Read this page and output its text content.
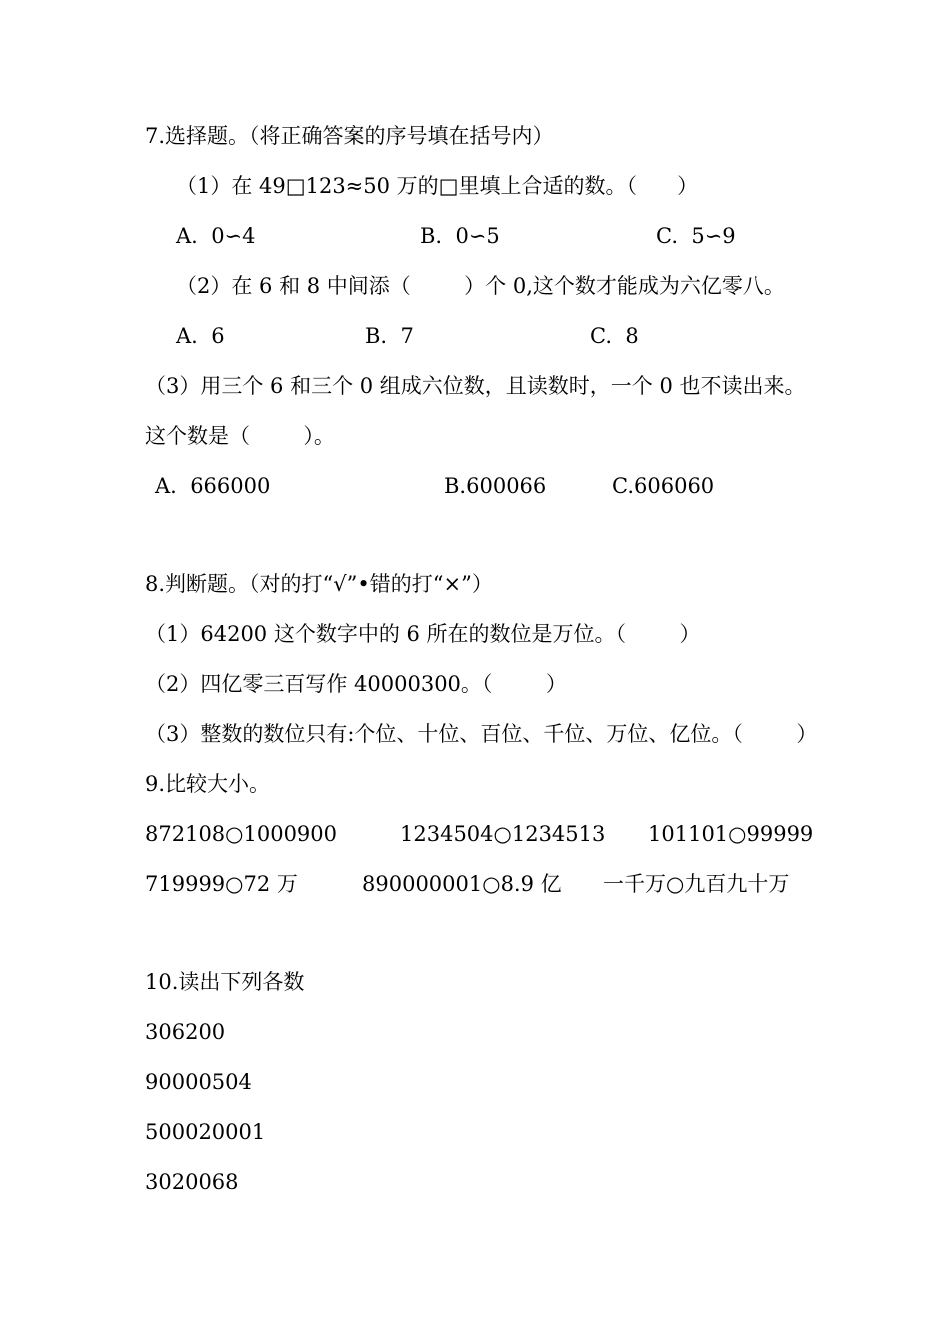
7.选择题。（将正确答案的序号填在括号内）
（1）在 49□123≈50 万的□里填上合适的数。（      ）
A.  0∽4	B.  0∽5	C.  5∽9
（2）在 6 和 8 中间添（        ）个 0,这个数才能成为六亿零八。
A.  6	B.  7	C.  8
（3）用三个 6 和三个 0 组成六位数，且读数时，一个 0 也不读出来。
这个数是（        ）。
A.  666000	B.600066	C.606060
8.判断题。（对的打“√”•错的打“×”）
（1）64200 这个数字中的 6 所在的数位是万位。（        ）
（2）四亿零三百写作 40000300。（        ）
（3）整数的数位只有:个位、十位、百位、千位、万位、亿位。（        ）
9.比较大小。
872108○1000900	1234504○1234513 101101○99999
719999○72 万	890000001○8.9 亿 一千万○九百九十万
10.读出下列各数
306200
90000504
500020001
3020068
